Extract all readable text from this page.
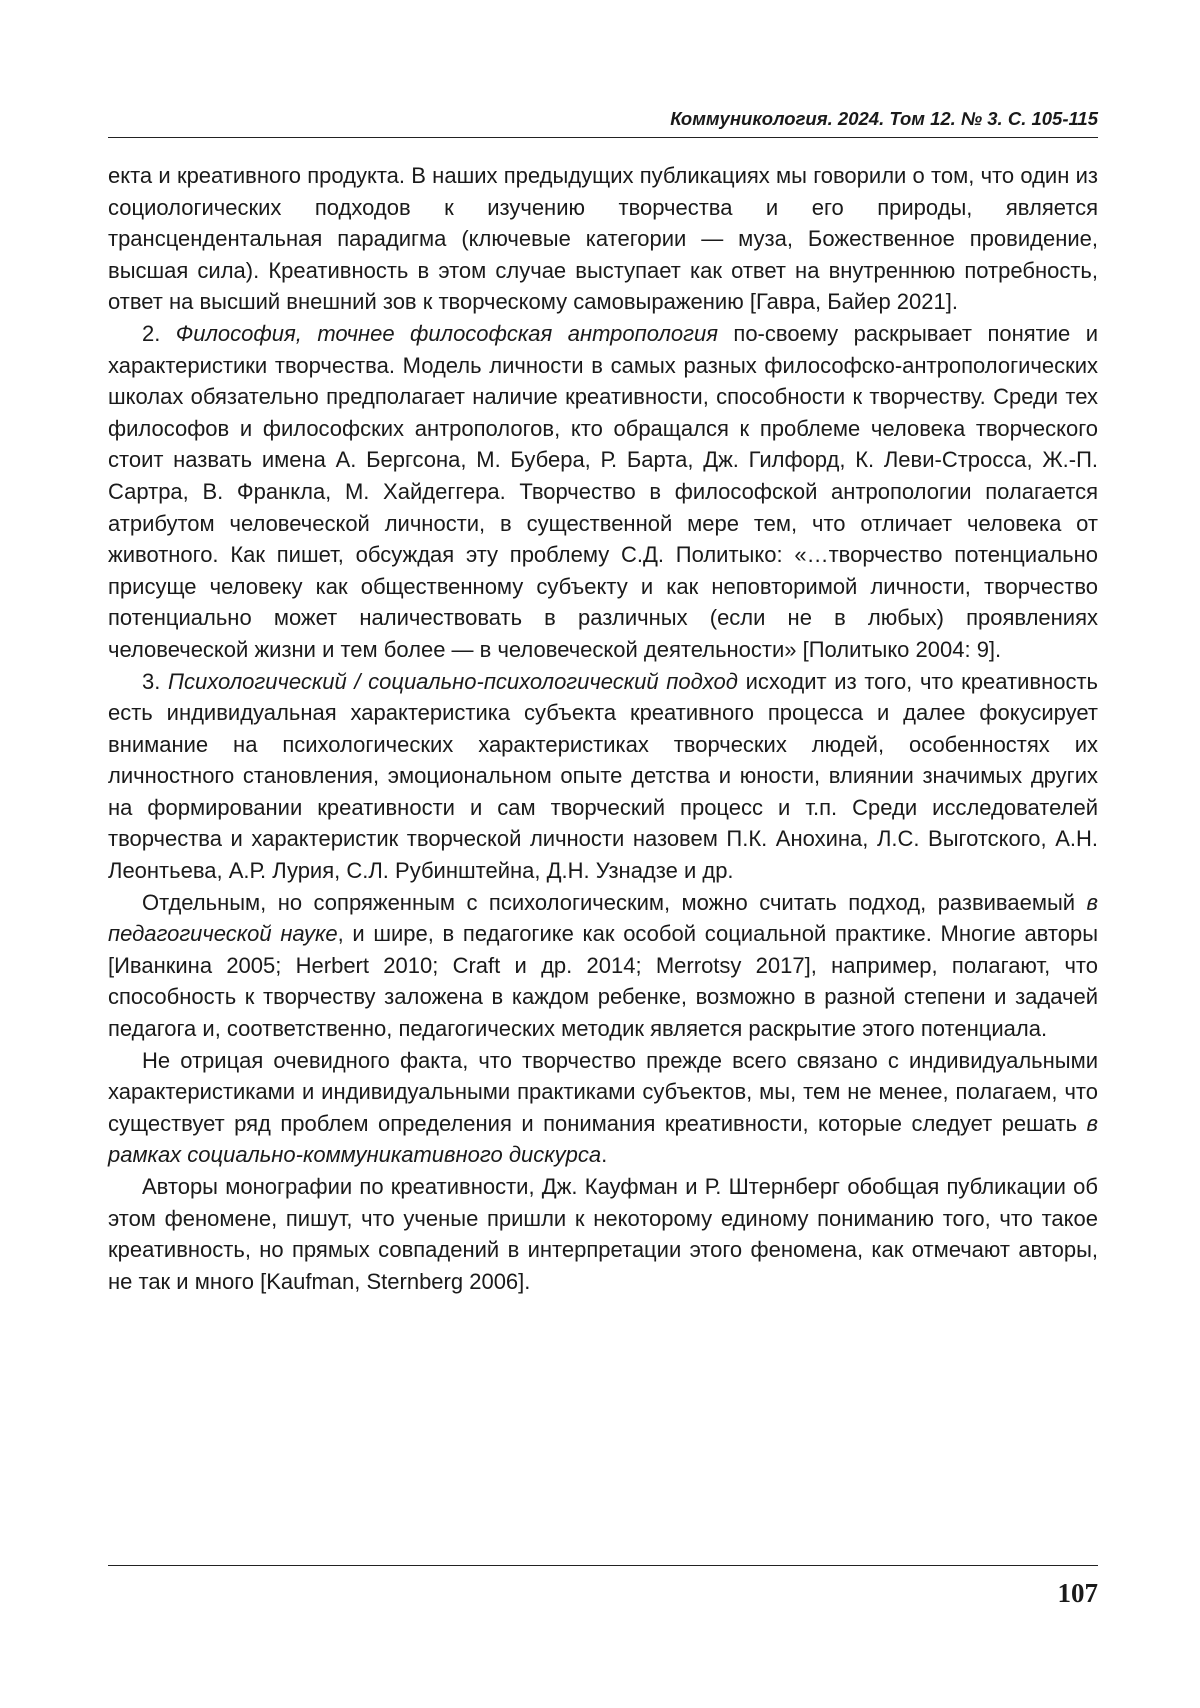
Коммуникология. 2024. Том 12. № 3. С. 105-115

екта и креативного продукта. В наших предыдущих публикациях мы говорили о том, что один из социологических подходов к изучению творчества и его природы, является трансцендентальная парадигма (ключевые категории — муза, Божественное провидение, высшая сила). Креативность в этом случае выступает как ответ на внутреннюю потребность, ответ на высший внешний зов к творческому самовыражению [Гавра, Байер 2021].

2. Философия, точнее философская антропология по-своему раскрывает понятие и характеристики творчества. Модель личности в самых разных философско-антропологических школах обязательно предполагает наличие креативности, способности к творчеству. Среди тех философов и философских антропологов, кто обращался к проблеме человека творческого стоит назвать имена А. Бергсона, М. Бубера, Р. Барта, Дж. Гилфорд, К. Леви-Стросса, Ж.-П. Сартра, В. Франкла, М. Хайдеггера. Творчество в философской антропологии полагается атрибутом человеческой личности, в существенной мере тем, что отличает человека от животного. Как пишет, обсуждая эту проблему С.Д. Политыко: «…творчество потенциально присуще человеку как общественному субъекту и как неповторимой личности, творчество потенциально может наличествовать в различных (если не в любых) проявлениях человеческой жизни и тем более — в человеческой деятельности» [Политыко 2004: 9].

3. Психологический / социально-психологический подход исходит из того, что креативность есть индивидуальная характеристика субъекта креативного процесса и далее фокусирует внимание на психологических характеристиках творческих людей, особенностях их личностного становления, эмоциональном опыте детства и юности, влиянии значимых других на формировании креативности и сам творческий процесс и т.п. Среди исследователей творчества и характеристик творческой личности назовем П.К. Анохина, Л.С. Выготского, А.Н. Леонтьева, А.Р. Лурия, С.Л. Рубинштейна, Д.Н. Узнадзе и др.

Отдельным, но сопряженным с психологическим, можно считать подход, развиваемый в педагогической науке, и шире, в педагогике как особой социальной практике. Многие авторы [Иванкина 2005; Herbert 2010; Craft и др. 2014; Merrotsy 2017], например, полагают, что способность к творчеству заложена в каждом ребенке, возможно в разной степени и задачей педагога и, соответственно, педагогических методик является раскрытие этого потенциала.

Не отрицая очевидного факта, что творчество прежде всего связано с индивидуальными характеристиками и индивидуальными практиками субъектов, мы, тем не менее, полагаем, что существует ряд проблем определения и понимания креативности, которые следует решать в рамках социально-коммуникативного дискурса.

Авторы монографии по креативности, Дж. Кауфман и Р. Штернберг обобщая публикации об этом феномене, пишут, что ученые пришли к некоторому единому пониманию того, что такое креативность, но прямых совпадений в интерпретации этого феномена, как отмечают авторы, не так и много [Kaufman, Sternberg 2006].

107
